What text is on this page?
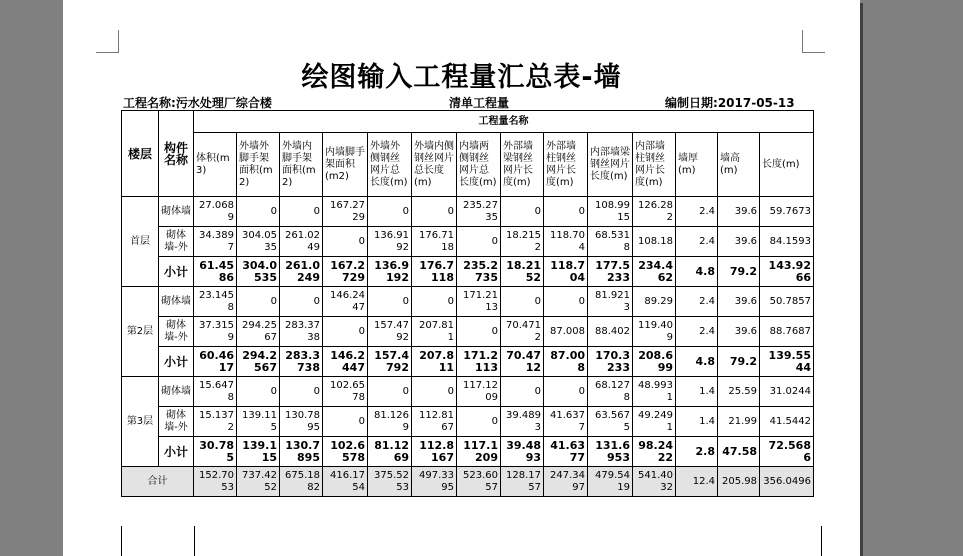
绘图输入工程量汇总表-墙
工程名称:污水处理厂综合楼	清单工程量	编制日期:2017-05-13
楼层	构件名称	工程量名称													
		体积(m3)	外墙外脚手架面积(m2)	外墙内脚手架面积(m2)	内墙脚手架面积(m2)	外墙外侧钢丝网片总长度(m)	外墙内侧钢丝网片总长度(m)	内墙两侧钢丝网片总长度(m)	外部墙梁钢丝网片长度(m)	外部墙柱钢丝网片长度(m)	内部墙梁钢丝网片长度(m)	内部墙柱钢丝网片长度(m)	墙厚(m)	墙高(m)	长度(m)
首层	砌体墙	27.0689	0	0	167.2729	0	0	235.2735	0	0	108.9915	126.282	2.4	39.6	59.7673
	砌体墙-外	34.3897	304.0535	261.0249	0	136.9192	176.7118	0	18.2152	118.704	68.5318	108.18	2.4	39.6	84.1593
	小计	61.4586	304.0535	261.0249	167.2729	136.9192	176.7118	235.2735	18.2152	118.704	177.5233	234.462	4.8	79.2	143.9266
第2层	砌体墙	23.1458	0	0	146.2447	0	0	171.2113	0	0	81.9213	89.29	2.4	39.6	50.7857
	砌体墙-外	37.3159	294.2567	283.3738	0	157.4792	207.811	0	70.4712	87.008	88.402	119.409	2.4	39.6	88.7687
	小计	60.4617	294.2567	283.3738	146.2447	157.4792	207.811	171.2113	70.4712	87.008	170.3233	208.699	4.8	79.2	139.5544
第3层	砌体墙	15.6478	0	0	102.6578	0	0	117.1209	0	0	68.1278	48.9931	1.4	25.59	31.0244
	砌体墙-外	15.1372	139.115	130.7895	0	81.1269	112.8167	0	39.4893	41.6377	63.5675	49.2491	1.4	21.99	41.5442
	小计	30.785	139.115	130.7895	102.6578	81.1269	112.8167	117.1209	39.4893	41.6377	131.6953	98.2422	2.8	47.58	72.5686
合计		152.7053	737.4252	675.1882	416.1754	375.5253	497.3395	523.6057	128.1757	247.3497	479.5419	541.4032	12.4	205.98	356.0496
